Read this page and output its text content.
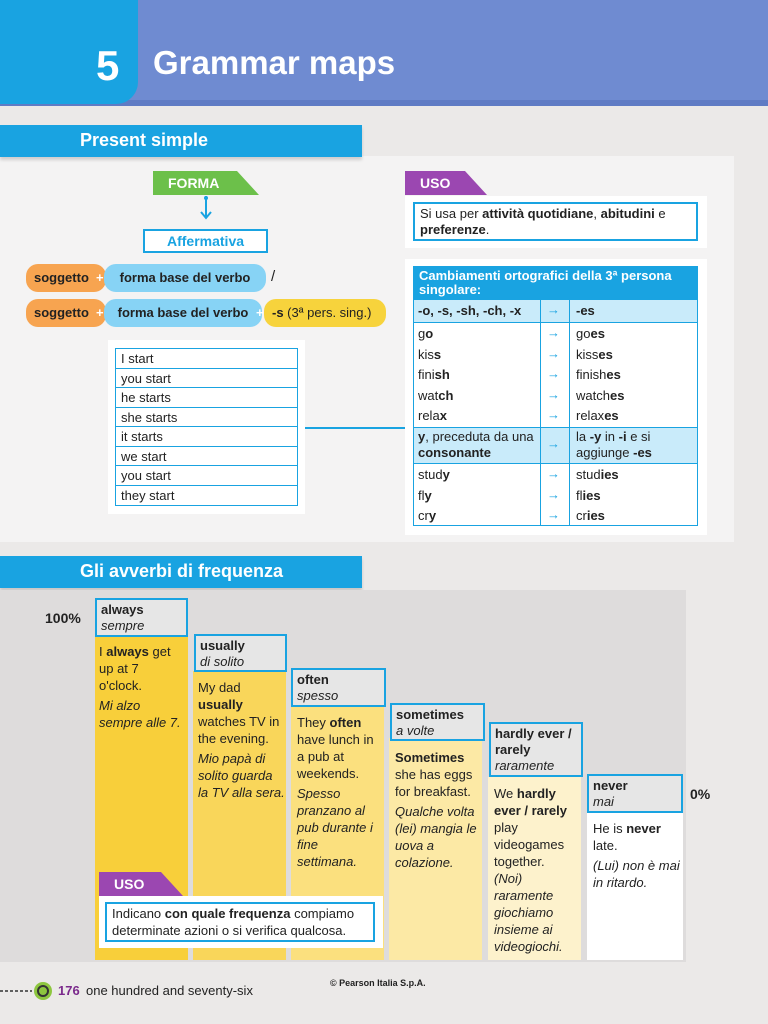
5 Grammar maps
Present simple
FORMA
Affermativa
soggetto +	forma base del verbo	/
soggetto +	forma base del verbo + -s (3ª pers. sing.)
I start
you start
he starts
she starts
it starts
we start
you start
they start
USO
Si usa per attività quotidiane, abitudini e preferenze.
Cambiamenti ortografici della 3ª persona singolare:
-o, -s, -sh, -ch, -x → -es
go	→ goes
kiss	→ kisses
finish	→ finishes
watch	→ watches
relax	→ relaxes
y, preceduta da una consonante
→ la -y in -i e si aggiunge -es
study	→ studies
fly	→ flies
cry	→ cries
Gli avverbi di frequenza
100%
0%
always
sempre
usually
di solito
often
spesso
sometimes
a volte	hardly ever / rarely
raramente
never
mai
I always get up at 7 o'clock.

Mi alzo sempre alle 7.
My dad usually watches TV in the evening.

Mio papà di solito guarda la TV alla sera.
They often have lunch in a pub at weekends.

Spesso pranzano al pub durante i fine settimana.
Sometimes she has eggs for breakfast.

Qualche volta (lei) mangia le uova a colazione.
We hardly ever / rarely play videogames together.

(Noi) raramente giochiamo insieme ai videogiochi.
He is never late.

(Lui) non è mai in ritardo.
USO
Indicano con quale frequenza compiamo determinate azioni o si verifica qualcosa.
176 one hundred and seventy-six	© Pearson Italia S.p.A.
